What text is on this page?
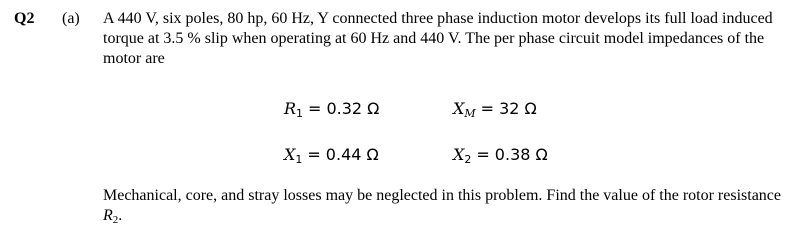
Q2 (a) A 440 V, six poles, 80 hp, 60 Hz, Y connected three phase induction motor develops its full load induced torque at 3.5 % slip when operating at 60 Hz and 440 V. The per phase circuit model impedances of the motor are

$R_1 = 0.32$ Ω	$X_M = 32$ Ω
$X_1 = 0.44$ Ω	$X_2 = 0.38$ Ω

Mechanical, core, and stray losses may be neglected in this problem. Find the value of the rotor resistance $R_2$.
